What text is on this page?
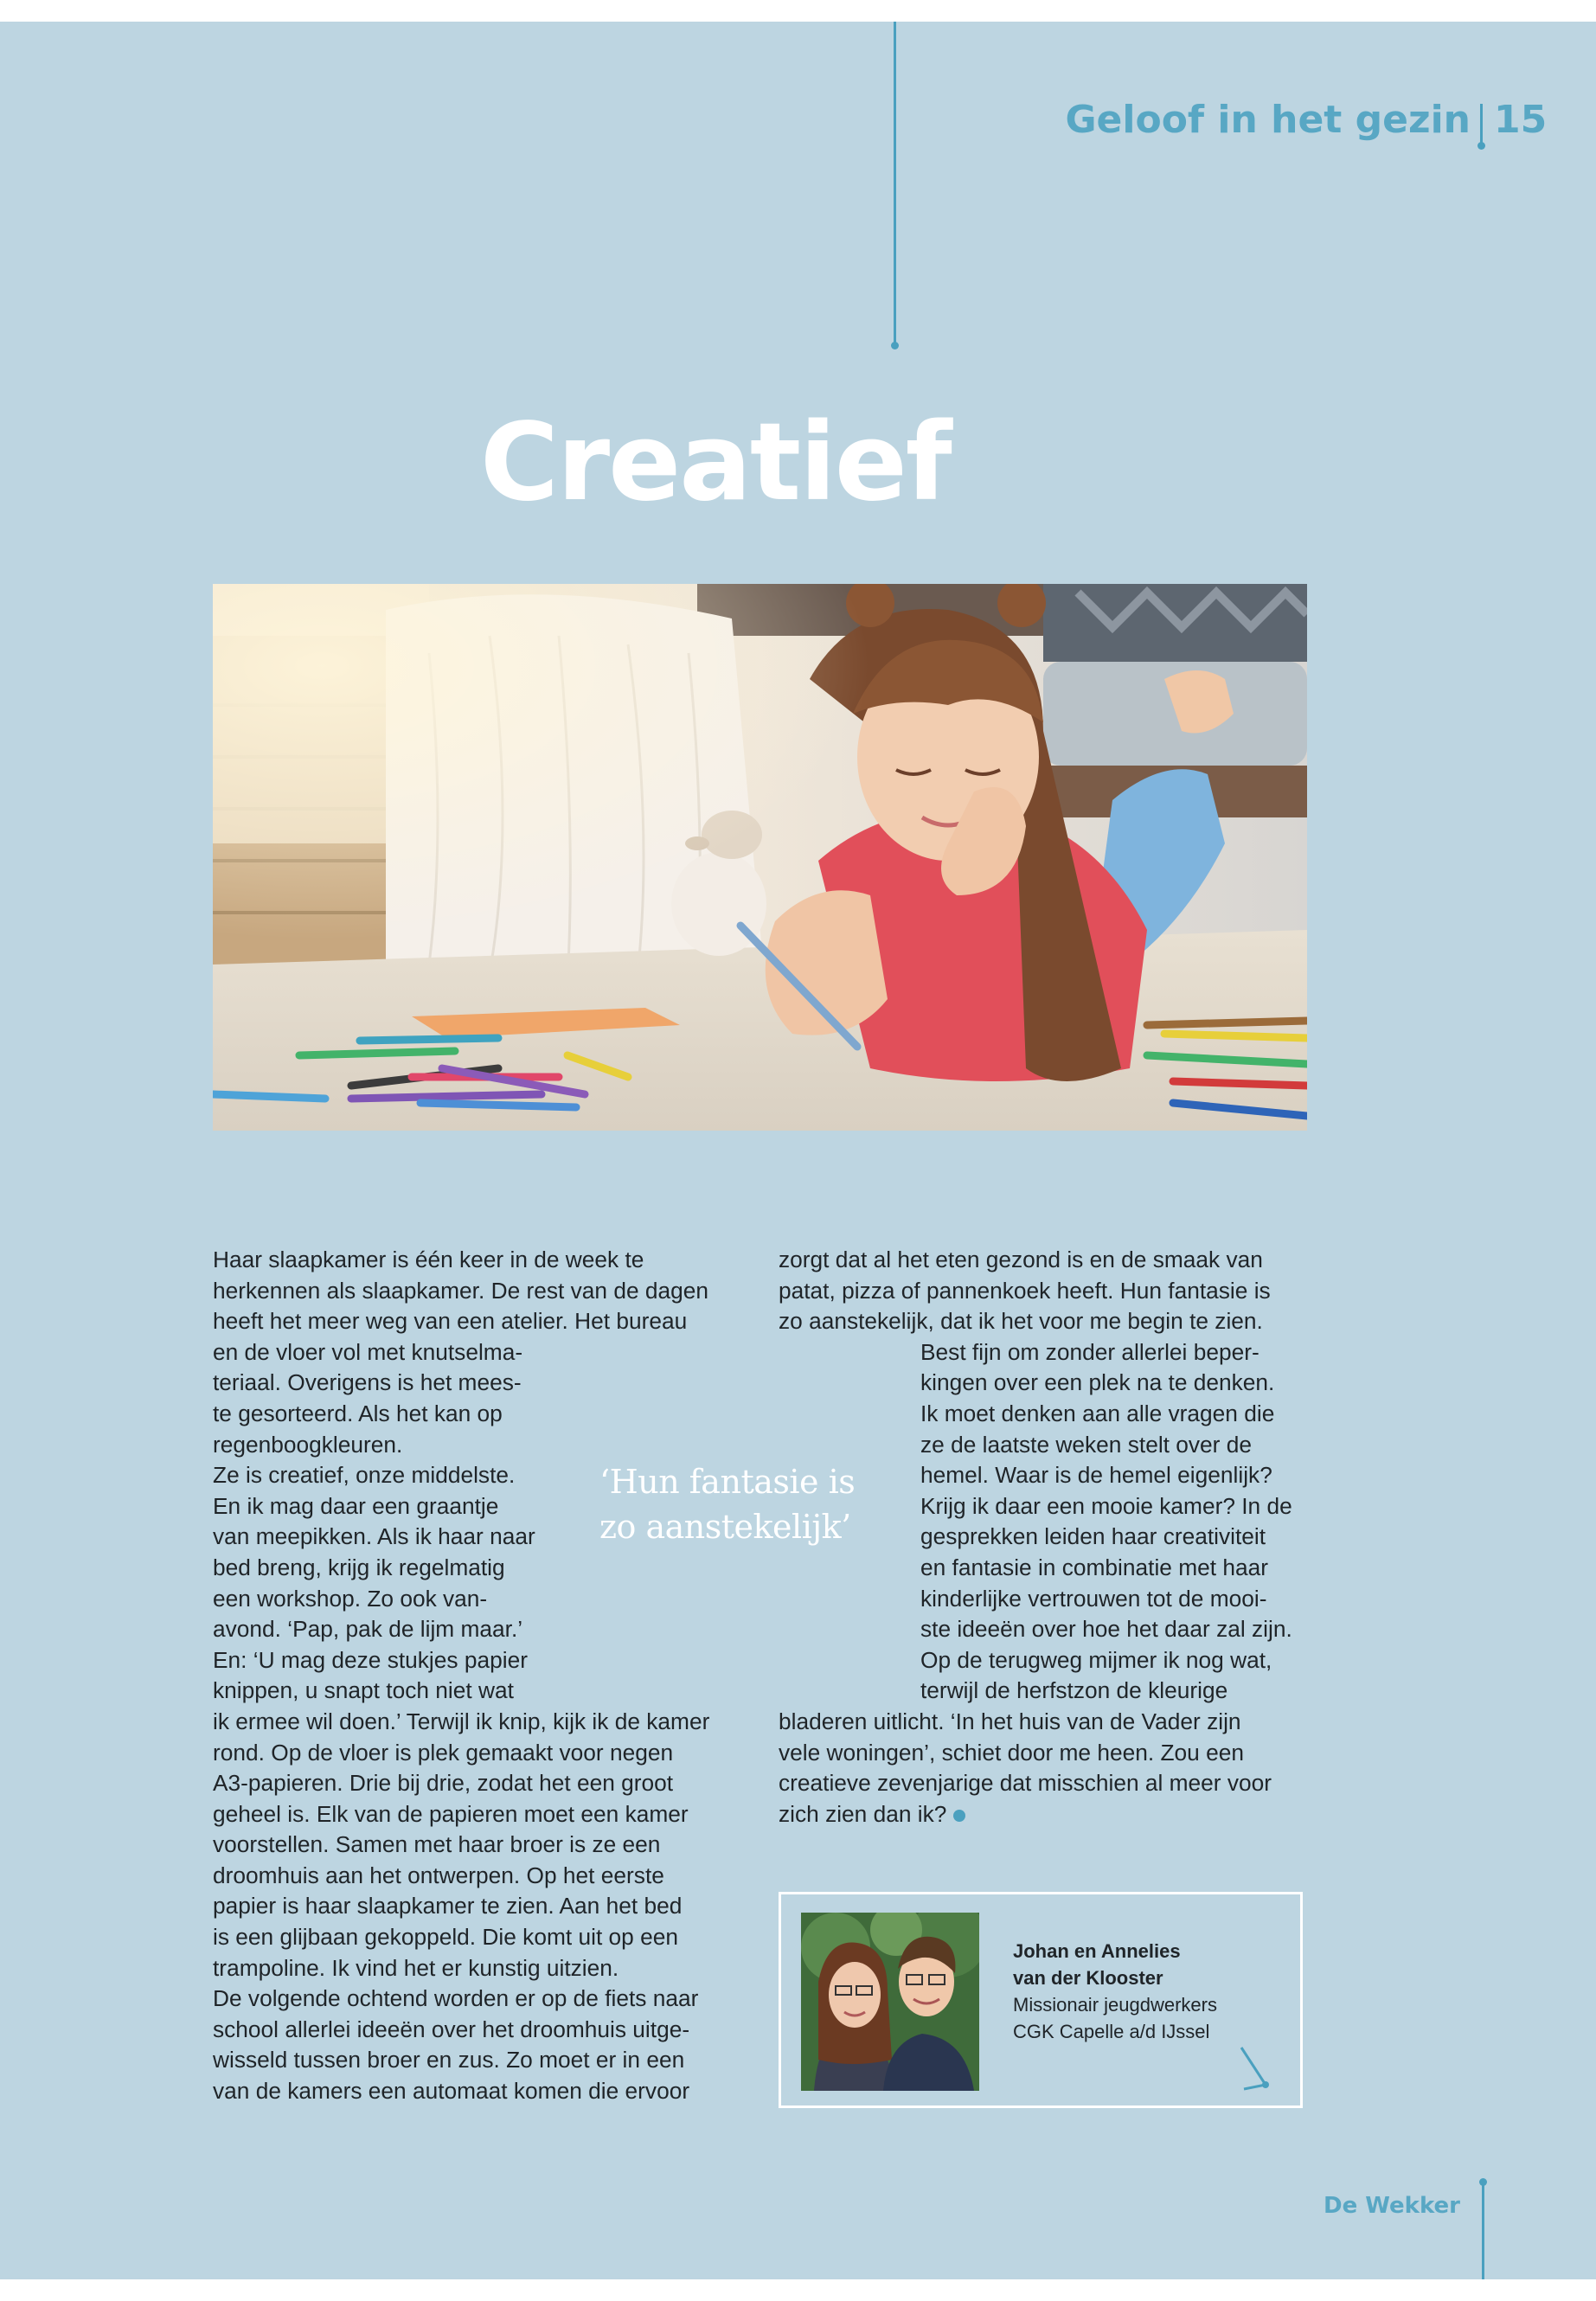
Geloof in het gezin 15
Creatief
Haar slaapkamer is één keer in de week te
herkennen als slaapkamer. De rest van de dagen
heeft het meer weg van een atelier. Het bureau
en de vloer vol met knutselma-
teriaal. Overigens is het mees-
te gesorteerd. Als het kan op
regenboogkleuren.
Ze is creatief, onze middelste.
En ik mag daar een graantje
van meepikken. Als ik haar naar
bed breng, krijg ik regelmatig
een workshop. Zo ook van-
avond. ‘Pap, pak de lijm maar.’
En: ‘U mag deze stukjes papier
knippen, u snapt toch niet wat
ik ermee wil doen.’ Terwijl ik knip, kijk ik de kamer
rond. Op de vloer is plek gemaakt voor negen
A3-papieren. Drie bij drie, zodat het een groot
geheel is. Elk van de papieren moet een kamer
voorstellen. Samen met haar broer is ze een
droomhuis aan het ontwerpen. Op het eerste
papier is haar slaapkamer te zien. Aan het bed
is een glijbaan gekoppeld. Die komt uit op een
trampoline. Ik vind het er kunstig uitzien.
De volgende ochtend worden er op de fiets naar
school allerlei ideeën over het droomhuis uitge-
wisseld tussen broer en zus. Zo moet er in een
van de kamers een automaat komen die ervoor
‘Hun fantasie is zo aanstekelijk’
zorgt dat al het eten gezond is en de smaak van
patat, pizza of pannenkoek heeft. Hun fantasie is
zo aanstekelijk, dat ik het voor me begin te zien.
Best fijn om zonder allerlei beper-
kingen over een plek na te denken.
Ik moet denken aan alle vragen die
ze de laatste weken stelt over de
hemel. Waar is de hemel eigenlijk?
Krijg ik daar een mooie kamer? In de
gesprekken leiden haar creativiteit
en fantasie in combinatie met haar
kinderlijke vertrouwen tot de mooi-
ste ideeën over hoe het daar zal zijn.
Op de terugweg mijmer ik nog wat,
terwijl de herfstzon de kleurige
bladeren uitlicht. ‘In het huis van de Vader zijn
vele woningen’, schiet door me heen. Zou een
creatieve zevenjarige dat misschien al meer voor
zich zien dan ik?
Johan en Annelies
van der Klooster
Missionair jeugdwerkers
CGK Capelle a/d IJssel
De Wekker
